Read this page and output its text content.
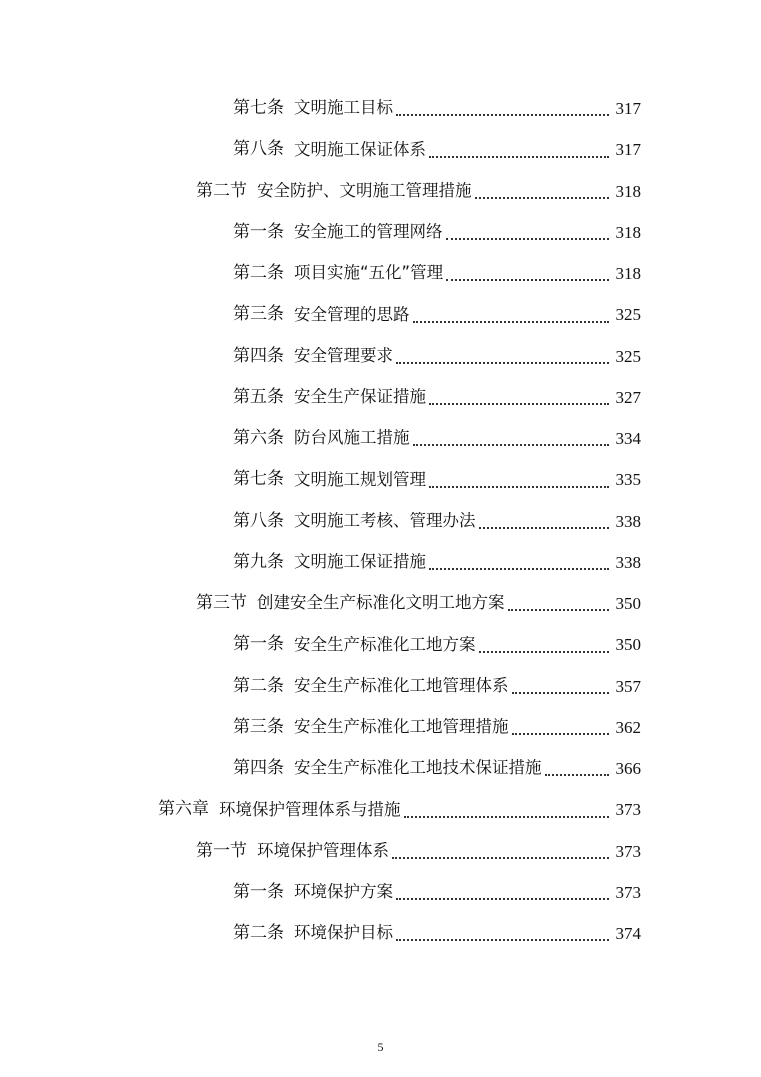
第七条 文明施工目标	317
第八条 文明施工保证体系	317
第二节 安全防护、文明施工管理措施	318
第一条 安全施工的管理网络	318
第二条 项目实施“五化”管理	318
第三条 安全管理的思路	325
第四条 安全管理要求	325
第五条 安全生产保证措施	327
第六条 防台风施工措施	334
第七条 文明施工规划管理	335
第八条 文明施工考核、管理办法	338
第九条 文明施工保证措施	338
第三节 创建安全生产标准化文明工地方案	350
第一条 安全生产标准化工地方案	350
第二条 安全生产标准化工地管理体系	357
第三条 安全生产标准化工地管理措施	362
第四条 安全生产标准化工地技术保证措施	366
第六章 环境保护管理体系与措施	373
第一节 环境保护管理体系	373
第一条 环境保护方案	373
第二条 环境保护目标	374
5
